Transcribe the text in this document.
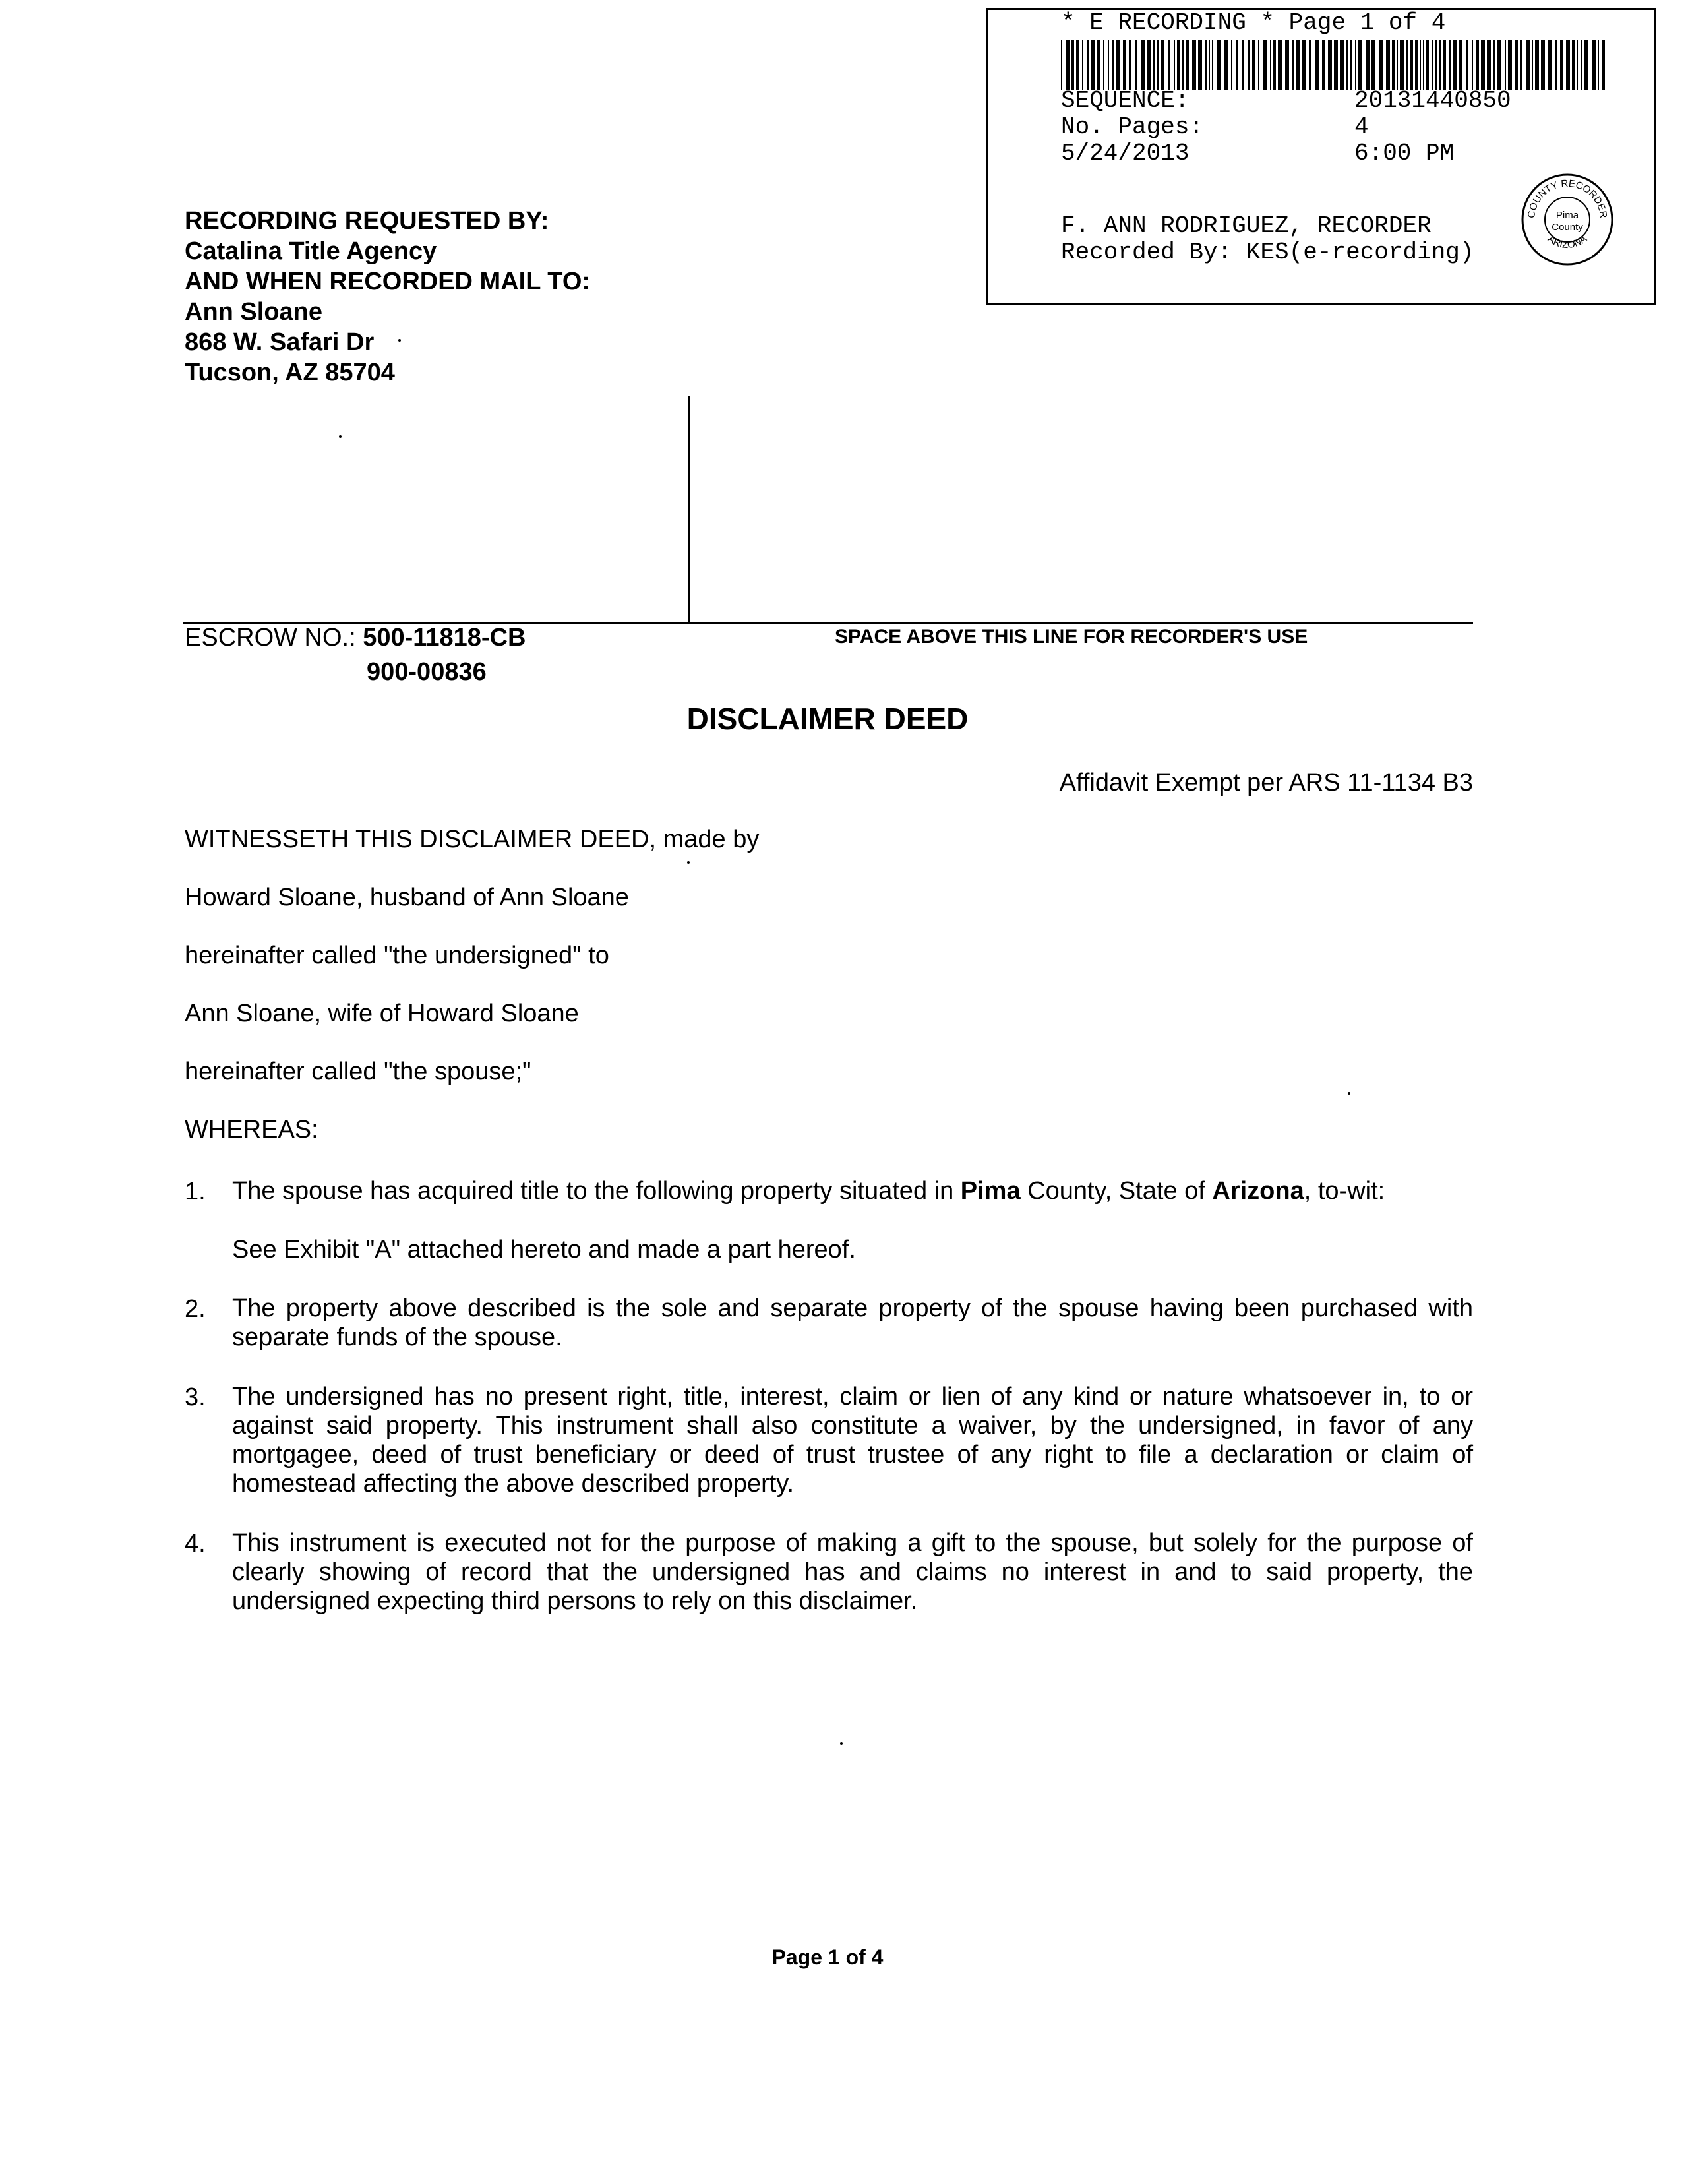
* E RECORDING * Page 1 of 4
SEQUENCE:	20131440850
No. Pages:	4
5/24/2013	6:00 PM
F. ANN RODRIGUEZ, RECORDER
Recorded By: KES(e-recording)
COUNTY RECORDER
ARIZONA
Pima
County
RECORDING REQUESTED BY:
Catalina Title Agency
AND WHEN RECORDED MAIL TO:
Ann Sloane
868 W. Safari Dr
Tucson, AZ 85704
ESCROW NO.: 500-11818-CB
900-00836
SPACE ABOVE THIS LINE FOR RECORDER'S USE
DISCLAIMER DEED
Affidavit Exempt per ARS 11-1134 B3
WITNESSETH THIS DISCLAIMER DEED, made by
Howard Sloane, husband of Ann Sloane
hereinafter called "the undersigned" to
Ann Sloane, wife of Howard Sloane
hereinafter called "the spouse;"
WHEREAS:
1. The spouse has acquired title to the following property situated in Pima County, State of Arizona, to-wit:
See Exhibit "A" attached hereto and made a part hereof.
2. The property above described is the sole and separate property of the spouse having been purchased with separate funds of the spouse.
3. The undersigned has no present right, title, interest, claim or lien of any kind or nature whatsoever in, to or against said property. This instrument shall also constitute a waiver, by the undersigned, in favor of any mortgagee, deed of trust beneficiary or deed of trust trustee of any right to file a declaration or claim of homestead affecting the above described property.
4. This instrument is executed not for the purpose of making a gift to the spouse, but solely for the purpose of clearly showing of record that the undersigned has and claims no interest in and to said property, the undersigned expecting third persons to rely on this disclaimer.
Page 1 of 4
